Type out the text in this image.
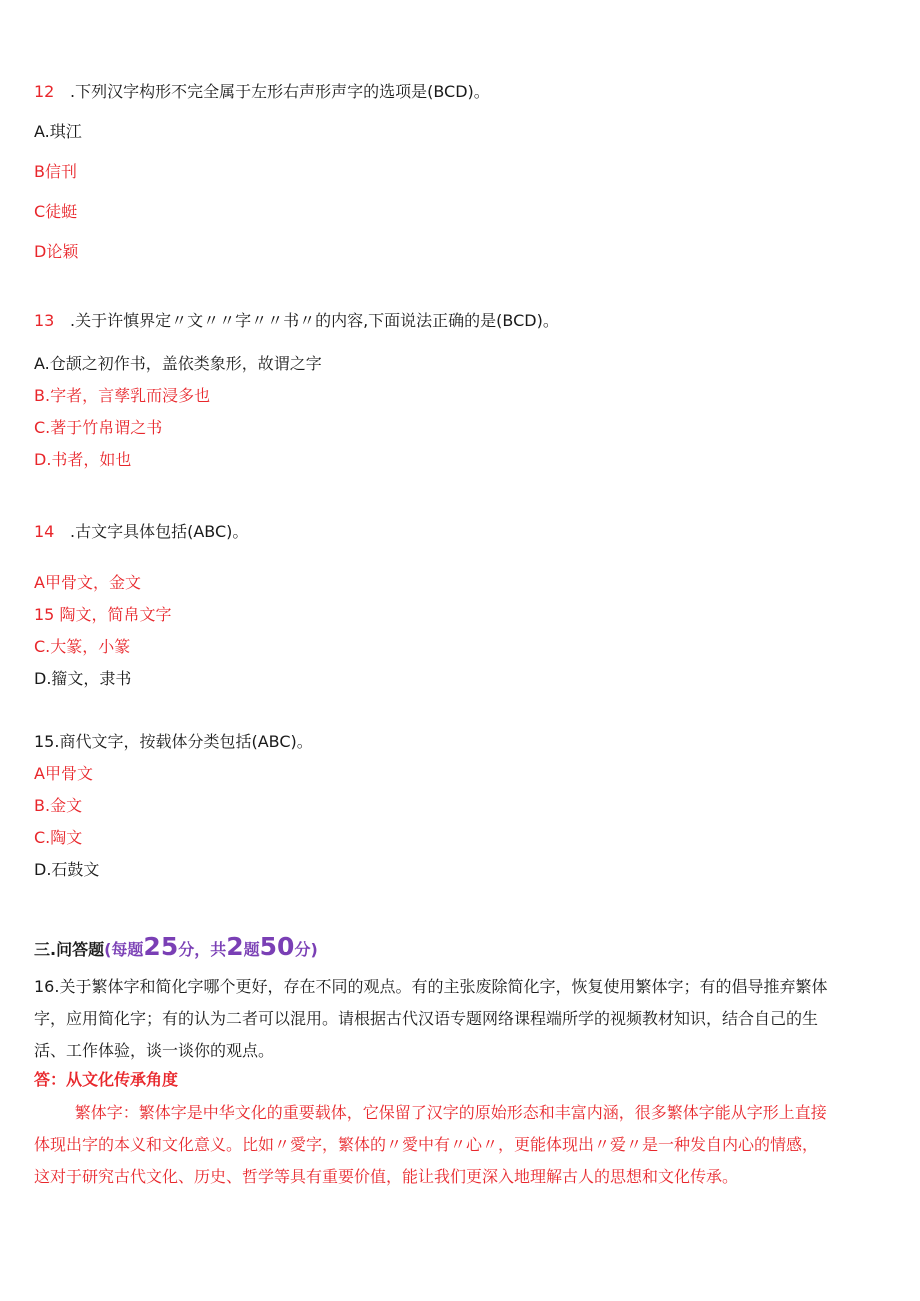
12 .下列汉字构形不完全属于左形右声形声字的选项是(BCD)。
A.琪江
B信刊
C徒蜓
D论颖
13 .关于许慎界定〃文〃〃字〃〃书〃的内容,下面说法正确的是(BCD)。
A.仓颉之初作书，盖依类象形，故谓之字
B.字者，言孳乳而浸多也
C.著于竹帛谓之书
D.书者，如也
14 .古文字具体包括(ABC)。
A甲骨文，金文
15 陶文，简帛文字
C.大篆，小篆
D.籀文，隶书
15.商代文字，按载体分类包括(ABC)。
A甲骨文
B.金文
C.陶文
D.石鼓文
三.问答题(每题25分，共2题50分)
16.关于繁体字和简化字哪个更好，存在不同的观点。有的主张废除简化字，恢复使用繁体字；有的倡导推弃繁体
字，应用简化字；有的认为二者可以混用。请根据古代汉语专题网络课程端所学的视频教材知识，结合自己的生
活、工作体验，谈一谈你的观点。
答：从文化传承角度
繁体字：繁体字是中华文化的重要载体，它保留了汉字的原始形态和丰富内涵，很多繁体字能从字形上直接
体现出字的本义和文化意义。比如〃愛字，繁体的〃愛中有〃心〃，更能体现出〃爱〃是一种发自内心的情感，
这对于研究古代文化、历史、哲学等具有重要价值，能让我们更深入地理解古人的思想和文化传承。
